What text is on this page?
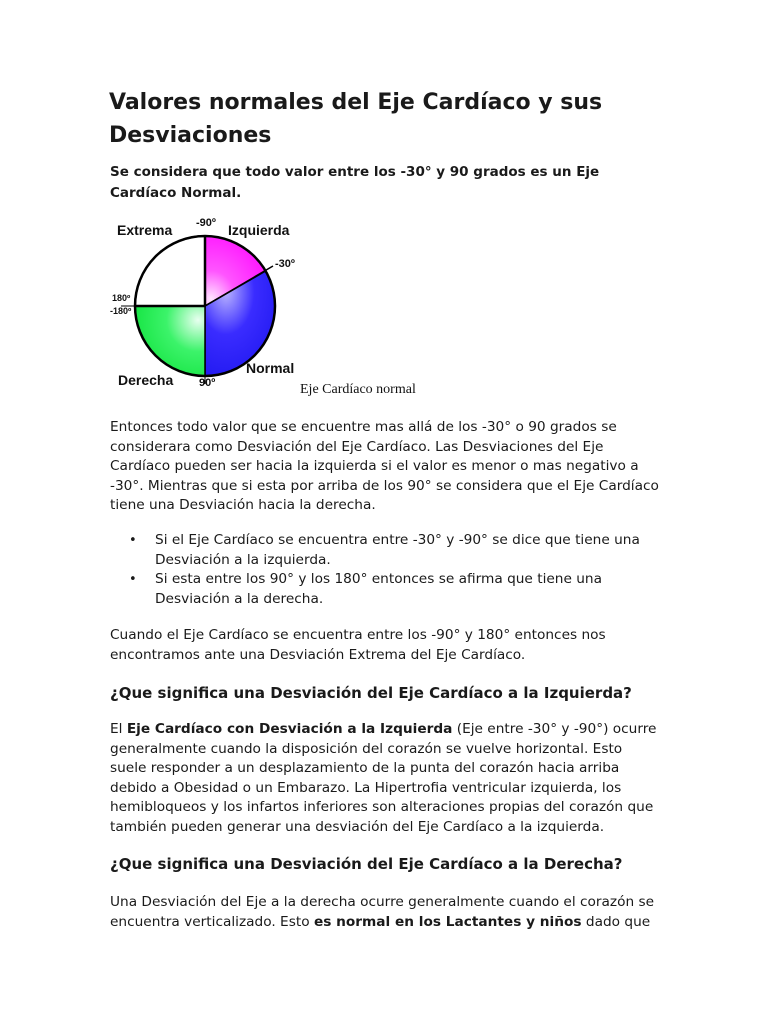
Valores normales del Eje Cardíaco y sus Desviaciones

Se considera que todo valor entre los -30° y 90 grados es un Eje Cardíaco Normal.

Extrema -90º Izquierda
-30º
180º
-180º
Derecha
Normal
90º	Eje Cardíaco normal

Entonces todo valor que se encuentre mas allá de los -30° o 90 grados se considerara como Desviación del Eje Cardíaco. Las Desviaciones del Eje Cardíaco pueden ser hacia la izquierda si el valor es menor o mas negativo a -30°. Mientras que si esta por arriba de los 90° se considera que el Eje Cardíaco tiene una Desviación hacia la derecha.

• Si el Eje Cardíaco se encuentra entre -30° y -90° se dice que tiene una Desviación a la izquierda.
• Si esta entre los 90° y los 180° entonces se afirma que tiene una Desviación a la derecha.

Cuando el Eje Cardíaco se encuentra entre los -90° y 180° entonces nos encontramos ante una Desviación Extrema del Eje Cardíaco.

¿Que significa una Desviación del Eje Cardíaco a la Izquierda?

El Eje Cardíaco con Desviación a la Izquierda (Eje entre -30° y -90°) ocurre generalmente cuando la disposición del corazón se vuelve horizontal. Esto suele responder a un desplazamiento de la punta del corazón hacia arriba debido a Obesidad o un Embarazo. La Hipertrofia ventricular izquierda, los hemibloqueos y los infartos inferiores son alteraciones propias del corazón que también pueden generar una desviación del Eje Cardíaco a la izquierda.

¿Que significa una Desviación del Eje Cardíaco a la Derecha?

Una Desviación del Eje a la derecha ocurre generalmente cuando el corazón se encuentra verticalizado. Esto es normal en los Lactantes y niños dado que
